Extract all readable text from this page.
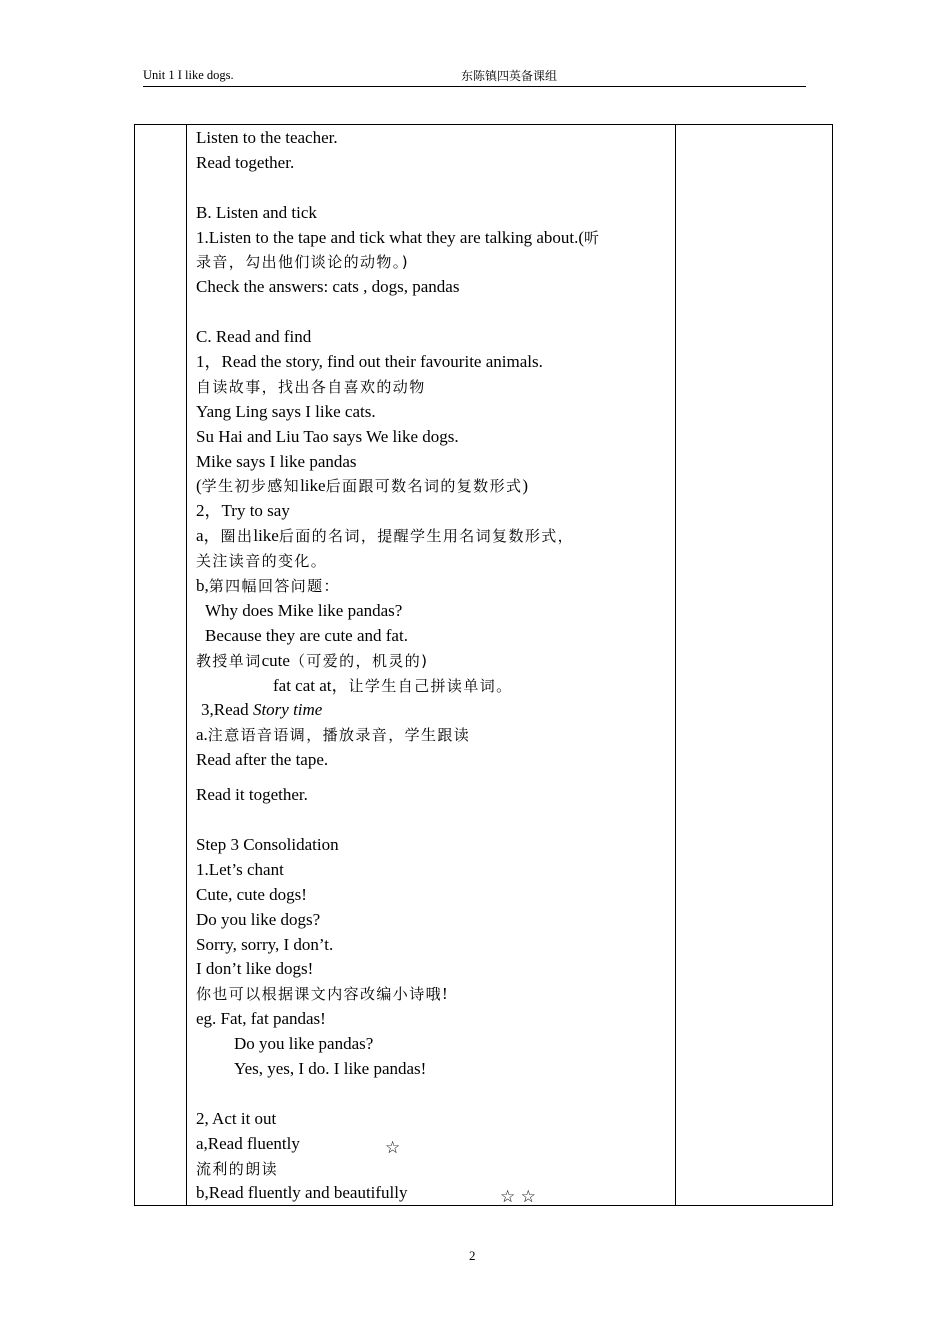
Unit 1 I like dogs.	东陈镇四英备课组
Listen to the teacher.
Read together.
B. Listen and tick
1.Listen to the tape and tick what they are talking about.(听
录音，勾出他们谈论的动物。)
Check the answers: cats , dogs, pandas
C. Read and find
1，Read the story, find out their favourite animals.
自读故事，找出各自喜欢的动物
Yang Ling says I like cats.
Su Hai and Liu Tao says We like dogs.
Mike says I like pandas
(学生初步感知like后面跟可数名词的复数形式)
2，Try to say
a，圈出like后面的名词，提醒学生用名词复数形式，
关注读音的变化。
b,第四幅回答问题：
Why does Mike like pandas?
Because they are cute and fat.
教授单词cute（可爱的，机灵的)
fat cat at，让学生自己拼读单词。
3,Read Story time
a.注意语音语调，播放录音，学生跟读
Read after the tape.
Read it together.
Step 3 Consolidation
1.Let’s chant
Cute, cute dogs!
Do you like dogs?
Sorry, sorry, I don’t.
I don’t like dogs!
你也可以根据课文内容改编小诗哦!
eg. Fat, fat pandas!
Do you like pandas?
Yes, yes, I do. I like pandas!
2, Act it out
a,Read fluently
流利的朗读
b,Read fluently and beautifully
☆
☆ ☆
2
